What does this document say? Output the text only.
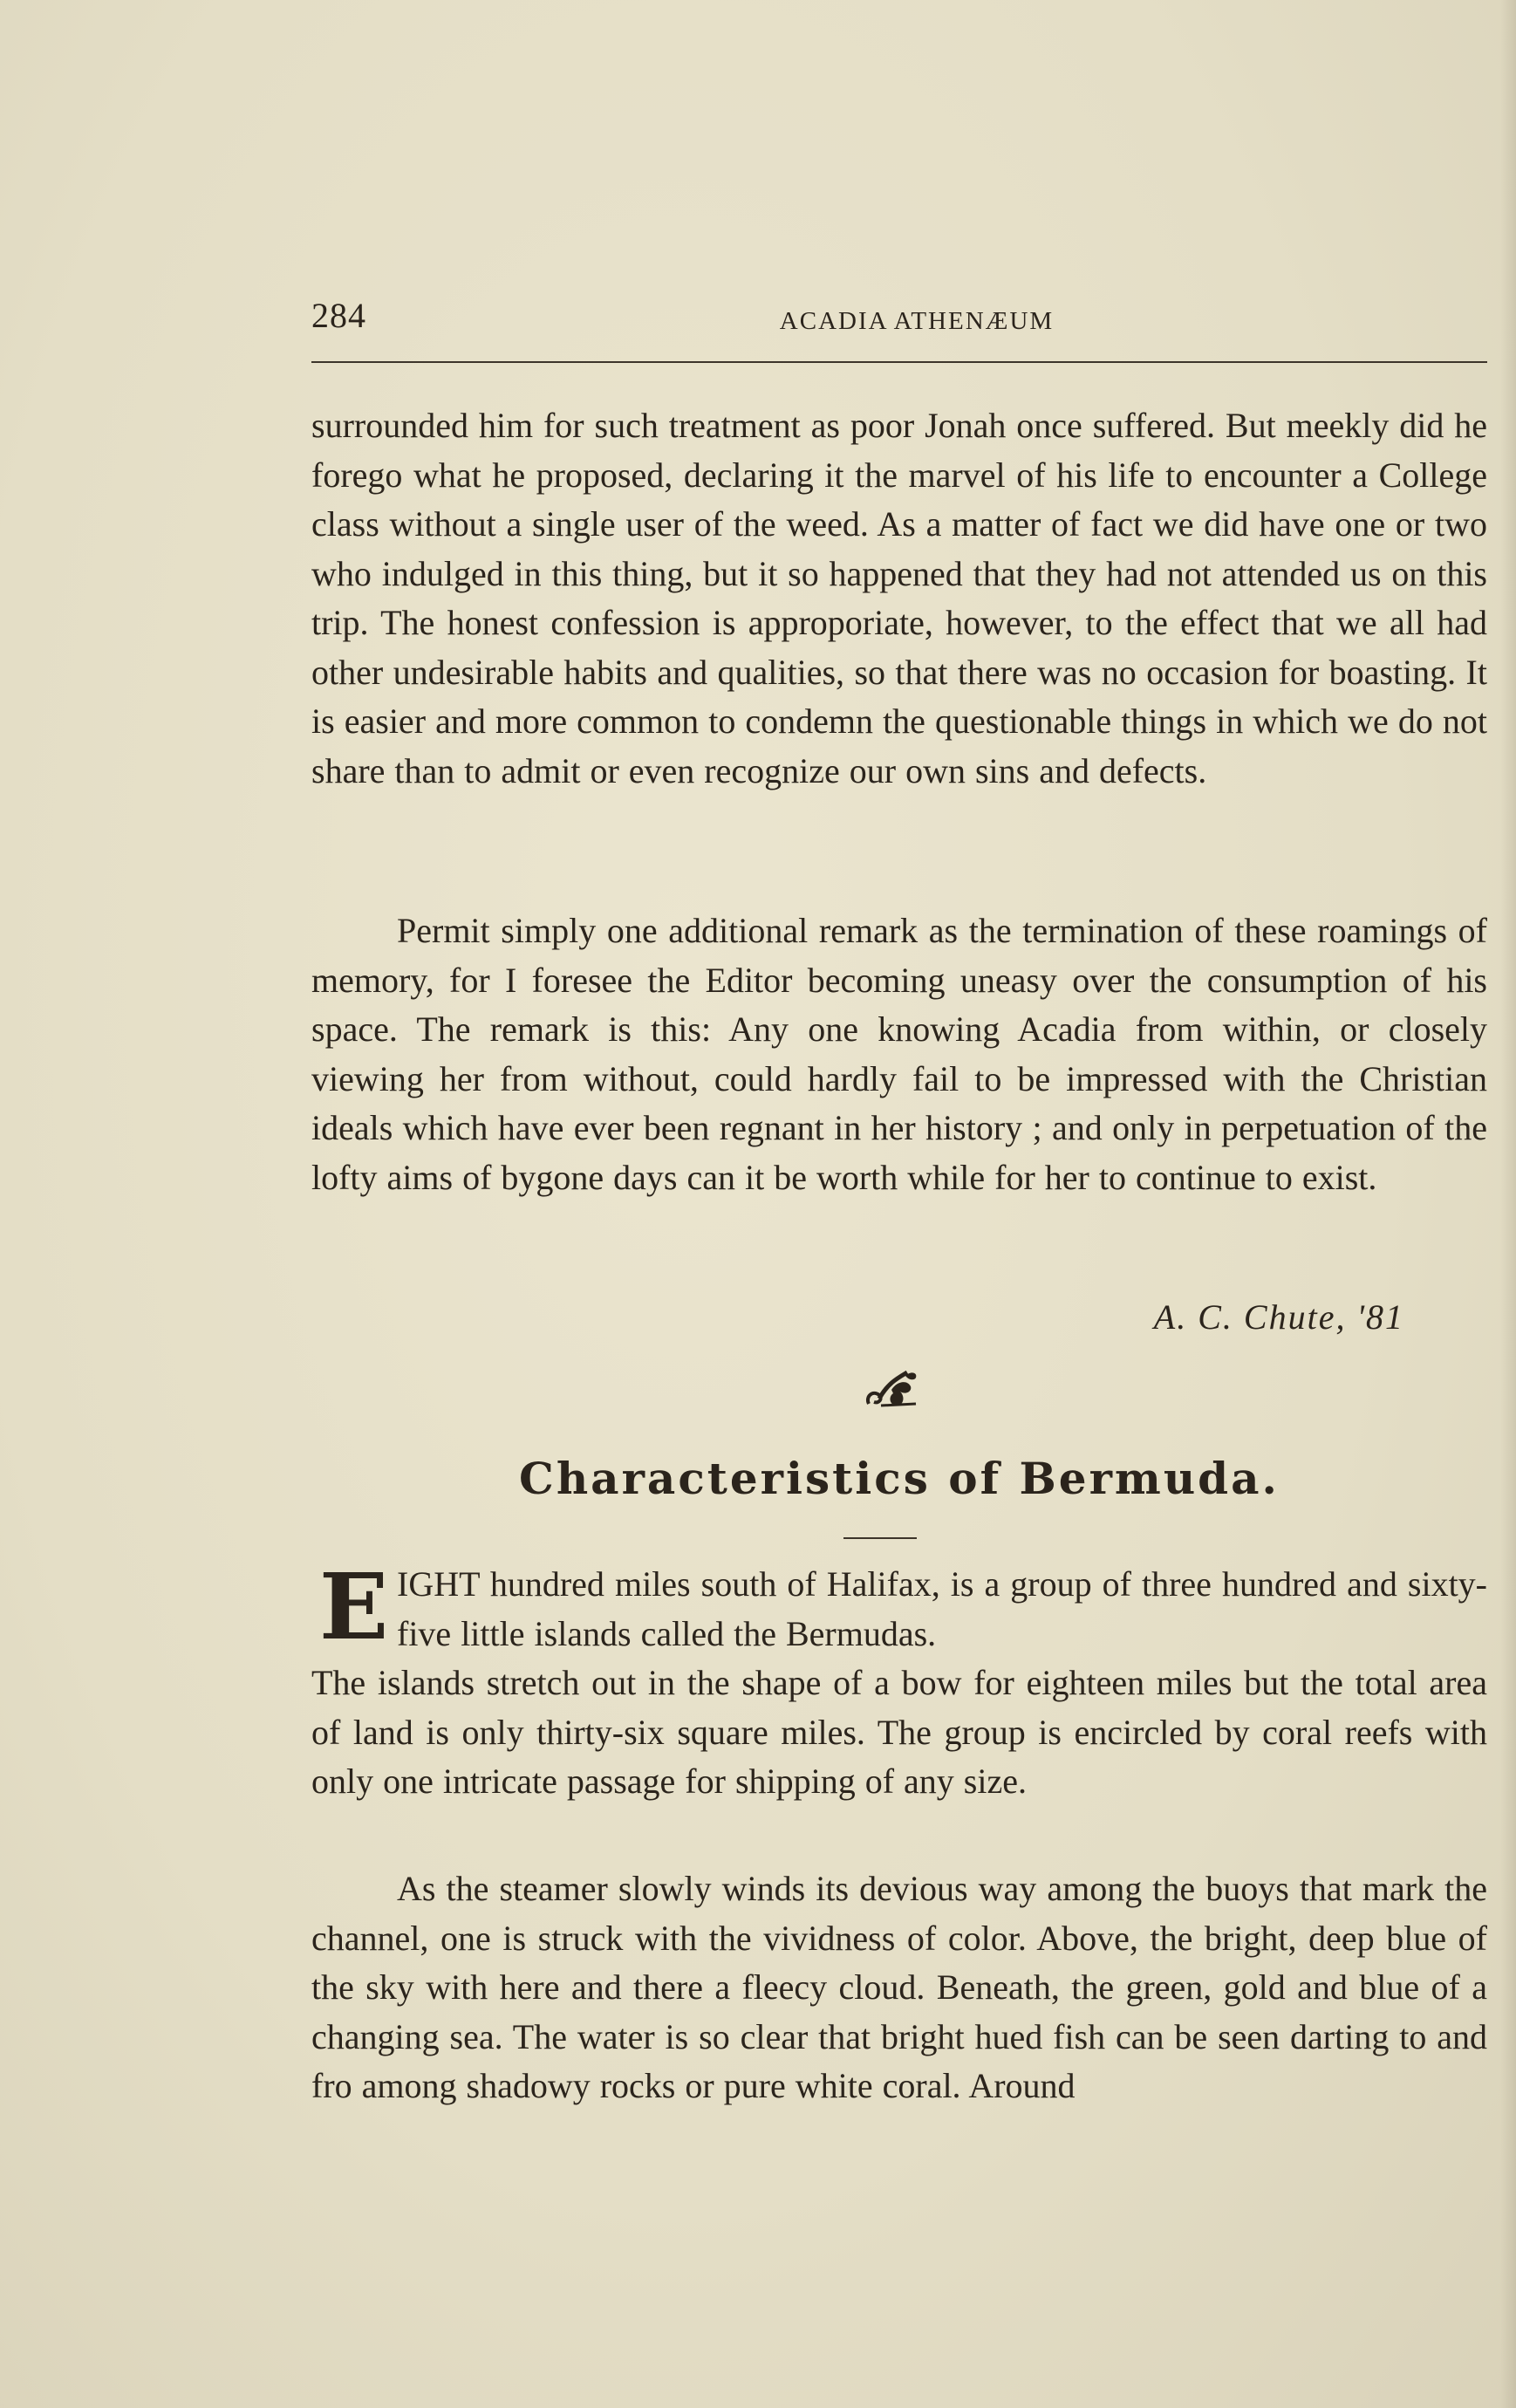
284	ACADIA ATHENÆUM

surrounded him for such treatment as poor Jonah once suffered. But meekly did he forego what he proposed, declaring it the marvel of his life to encounter a College class without a single user of the weed. As a matter of fact we did have one or two who indulged in this thing, but it so happened that they had not attended us on this trip. The honest confession is approporiate, however, to the effect that we all had other undesirable habits and qualities, so that there was no occasion for boasting. It is easier and more common to condemn the questionable things in which we do not share than to admit or even recognize our own sins and defects.

Permit simply one additional remark as the termination of these roamings of memory, for I foresee the Editor becoming uneasy over the consumption of his space. The remark is this: Any one knowing Acadia from within, or closely viewing her from without, could hardly fail to be impressed with the Christian ideals which have ever been regnant in her history ; and only in perpetuation of the lofty aims of bygone days can it be worth while for her to continue to exist.

A. C. Chute, '81
Characteristics of Bermuda.
E IGHT hundred miles south of Halifax, is a group of three hundred and sixty-five little islands called the Bermudas.

The islands stretch out in the shape of a bow for eighteen miles but the total area of land is only thirty-six square miles. The group is encircled by coral reefs with only one intricate passage for shipping of any size.

As the steamer slowly winds its devious way among the buoys that mark the channel, one is struck with the vividness of color. Above, the bright, deep blue of the sky with here and there a fleecy cloud. Beneath, the green, gold and blue of a changing sea. The water is so clear that bright hued fish can be seen darting to and fro among shadowy rocks or pure white coral. Around
